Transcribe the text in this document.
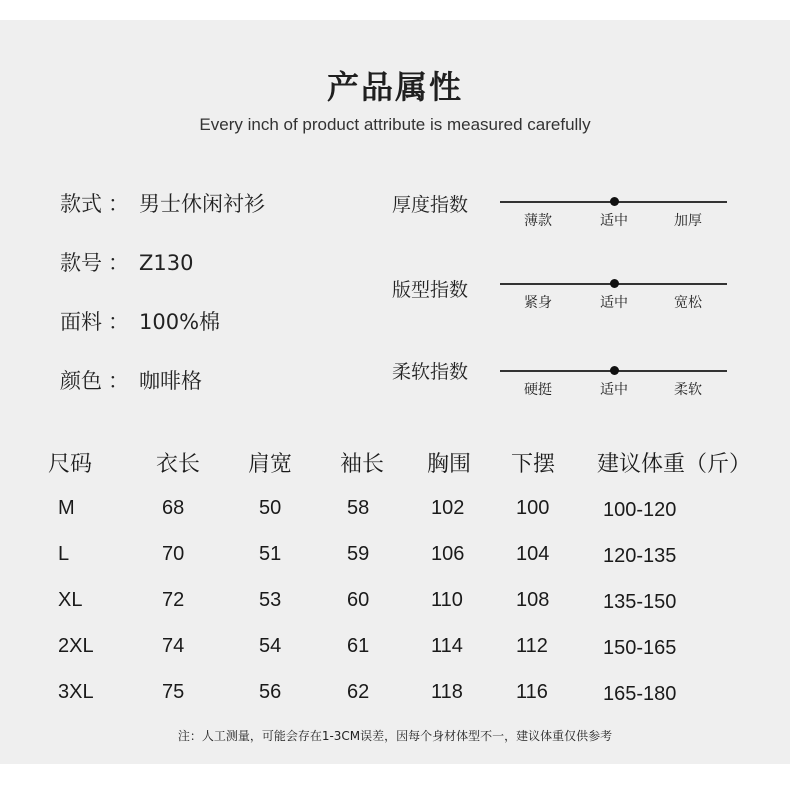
产品属性
Every inch of product attribute is measured carefully
款式 ： 男士休闲衬衫
款号 ： Z130
面料 ： 100%棉
颜色 ： 咖啡格
厚度指数
薄款	适中	加厚
版型指数
紧身	适中	宽松
柔软指数
硬挺	适中	柔软
尺码	衣长 肩宽 袖长 胸围 下摆 建议体重（斤）
M	68	50	58	102	100	100-120
L	70	51	59	106	104	120-135
XL	72	53	60	110	108	135-150
2XL	74	54	61	114	112	150-165
3XL	75	56	62	118	116	165-180
注：人工测量，可能会存在1-3CM误差，因每个身材体型不一，建议体重仅供参考
